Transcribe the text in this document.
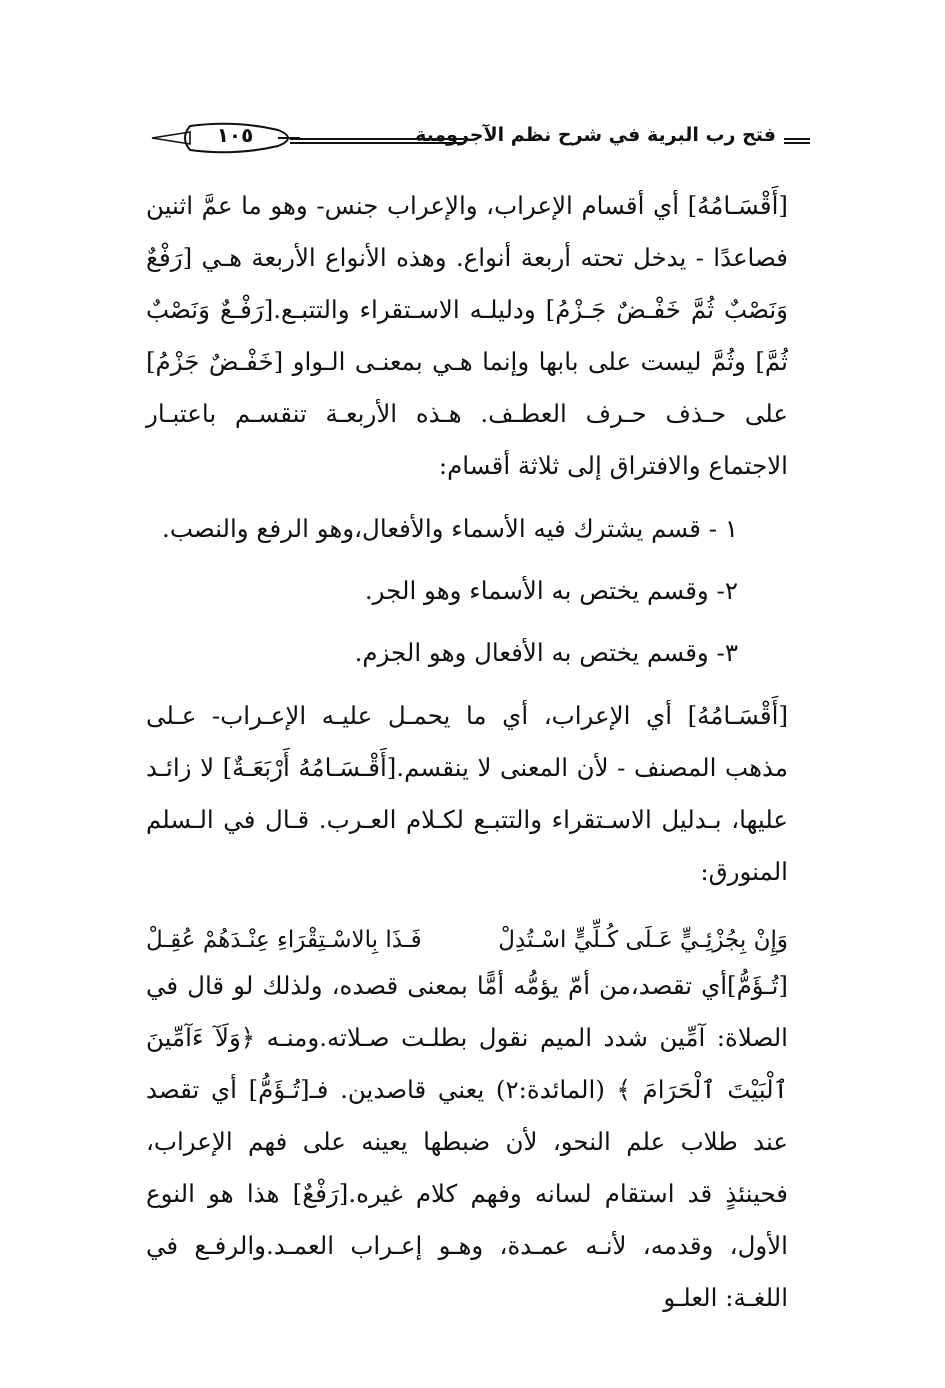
فتح رب البرية في شرح نظم الآجرومية
١٠٥

[أَقْسَـامُهُ] أي أقسام الإعراب، والإعراب جنس- وهو ما عمَّ اثنين فصاعدًا - يدخل تحته أربعة أنواع. وهذه الأنواع الأربعة هـي [رَفْعٌ وَنَصْبٌ ثُمَّ خَفْـضٌ جَـزْمُ] ودليلـه الاسـتقراء والتتبـع.[رَفْـعٌ وَنَصْبٌ ثُمَّ] وثُمَّ ليست على بابها وإنما هـي بمعنـى الـواو [خَفْـضٌ جَزْمُ] على حـذف حـرف العطـف. هـذه الأربعـة تنقسـم باعتبـار الاجتماع والافتراق إلى ثلاثة أقسام:

١ - قسم يشترك فيه الأسماء والأفعال،وهو الرفع والنصب.

٢- وقسم يختص به الأسماء وهو الجر.

٣- وقسم يختص به الأفعال وهو الجزم.

[أَقْسَـامُهُ] أي الإعراب، أي ما يحمـل عليـه الإعـراب- عـلى مذهب المصنف - لأن المعنى لا ينقسم.[أَقْـسَـامُهُ أَرْبَعَـةٌ] لا زائـد عليها، بـدليل الاسـتقراء والتتبـع لكـلام العـرب. قـال في الـسلم المنورق:

وَإِنْ بِجُزْئِـيٍّ عَـلَى كُـلِّيٍّ اسْـتُدِلْ
فَـذَا بِالاسْـتِقْرَاءِ عِنْـدَهُمْ عُقِـلْ

[تُـؤَمُّ]أي تقصد،من أمّ يؤمُّه أمًّا بمعنى قصده، ولذلك لو قال في الصلاة: آمِّين شدد الميم نقول بطلـت صـلاته.ومنـه ﴿وَلَآ ءَآمِّينَ ٱلْبَيْتَ ٱلْحَرَامَ ﴾ (المائدة:٢) يعني قاصدين. فـ[تُـؤَمُّ] أي تقصد عند طلاب علم النحو، لأن ضبطها يعينه على فهم الإعراب، فحينئذٍ قد استقام لسانه وفهم كلام غيره.[رَفْعٌ] هذا هو النوع الأول، وقدمه، لأنـه عمـدة، وهـو إعـراب العمـد.والرفـع في اللغـة: العلـو
